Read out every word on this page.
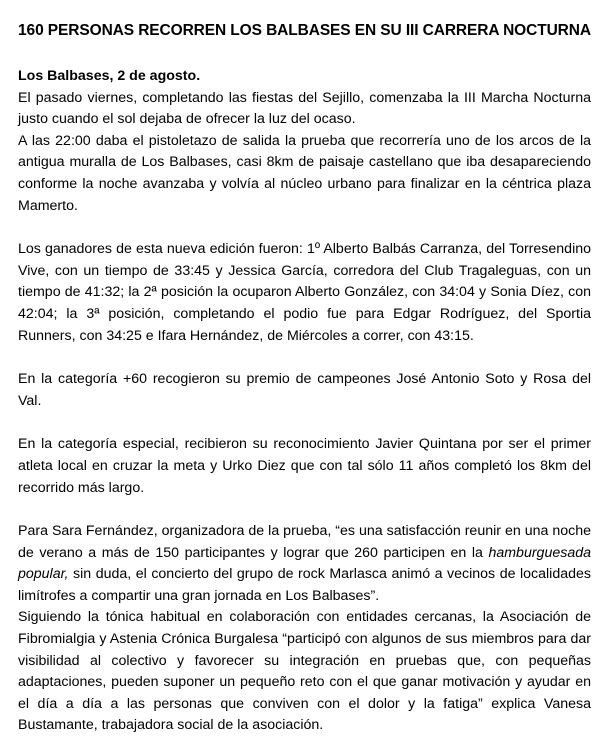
160 PERSONAS RECORREN LOS BALBASES EN SU III CARRERA NOCTURNA

Los Balbases, 2 de agosto.
El pasado viernes, completando las fiestas del Sejillo, comenzaba la III Marcha Nocturna justo cuando el sol dejaba de ofrecer la luz del ocaso.
A las 22:00 daba el pistoletazo de salida la prueba que recorrería uno de los arcos de la antigua muralla de Los Balbases, casi 8km de paisaje castellano que iba desapareciendo conforme la noche avanzaba y volvía al núcleo urbano para finalizar en la céntrica plaza Mamerto.

Los ganadores de esta nueva edición fueron: 1º Alberto Balbás Carranza, del Torresendino Vive, con un tiempo de 33:45 y Jessica García, corredora del Club Tragaleguas, con un tiempo de 41:32; la 2ª posición la ocuparon Alberto González, con 34:04 y Sonia Díez, con 42:04; la 3ª posición, completando el podio fue para Edgar Rodríguez, del Sportia Runners, con 34:25 e Ifara Hernández, de Miércoles a correr, con 43:15.

En la categoría +60 recogieron su premio de campeones José Antonio Soto y Rosa del Val.

En la categoría especial, recibieron su reconocimiento Javier Quintana por ser el primer atleta local en cruzar la meta y Urko Diez que con tal sólo 11 años completó los 8km del recorrido más largo.

Para Sara Fernández, organizadora de la prueba, “es una satisfacción reunir en una noche de verano a más de 150 participantes y lograr que 260 participen en la hamburguesada popular, sin duda, el concierto del grupo de rock Marlasca animó a vecinos de localidades limítrofes a compartir una gran jornada en Los Balbases”.
Siguiendo la tónica habitual en colaboración con entidades cercanas, la Asociación de Fibromialgia y Astenia Crónica Burgalesa “participó con algunos de sus miembros para dar visibilidad al colectivo y favorecer su integración en pruebas que, con pequeñas adaptaciones, pueden suponer un pequeño reto con el que ganar motivación y ayudar en el día a día a las personas que conviven con el dolor y la fatiga” explica Vanesa Bustamante, trabajadora social de la asociación.
